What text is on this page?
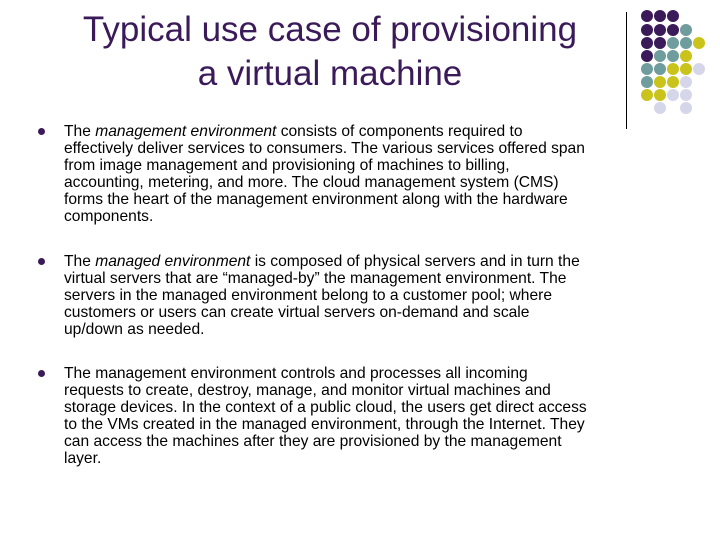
Typical use case of provisioning
a virtual machine
The management environment consists of components required to
effectively deliver services to consumers. The various services offered span
from image management and provisioning of machines to billing,
accounting, metering, and more. The cloud management system (CMS)
forms the heart of the management environment along with the hardware
components.
The managed environment is composed of physical servers and in turn the
virtual servers that are “managed-by” the management environment. The
servers in the managed environment belong to a customer pool; where
customers or users can create virtual servers on-demand and scale
up/down as needed.
The management environment controls and processes all incoming
requests to create, destroy, manage, and monitor virtual machines and
storage devices. In the context of a public cloud, the users get direct access
to the VMs created in the managed environment, through the Internet. They
can access the machines after they are provisioned by the management
layer.
